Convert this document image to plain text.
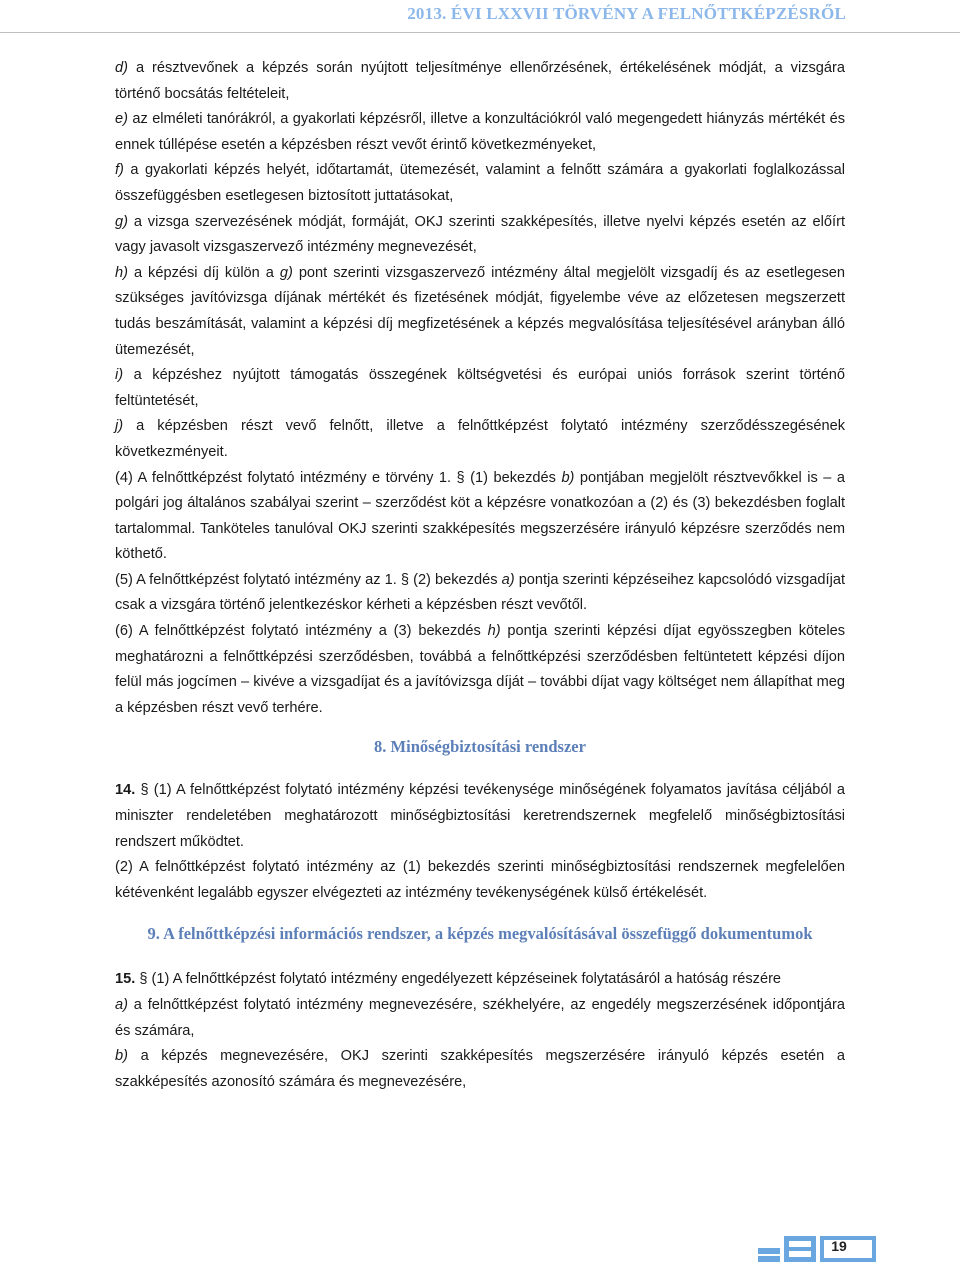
2013. ÉVI LXXVII TÖRVÉNY A FELNŐTTKÉPZÉSRŐL

d) a résztvevőnek a képzés során nyújtott teljesítménye ellenőrzésének, értékelésének módját, a vizsgára történő bocsátás feltételeit,

e) az elméleti tanórákról, a gyakorlati képzésről, illetve a konzultációkról való megengedett hiányzás mértékét és ennek túllépése esetén a képzésben részt vevőt érintő következményeket,

f) a gyakorlati képzés helyét, időtartamát, ütemezését, valamint a felnőtt számára a gyakorlati foglalkozással összefüggésben esetlegesen biztosított juttatásokat,

g) a vizsga szervezésének módját, formáját, OKJ szerinti szakképesítés, illetve nyelvi képzés esetén az előírt vagy javasolt vizsgaszervező intézmény megnevezését,

h) a képzési díj külön a g) pont szerinti vizsgaszervező intézmény által megjelölt vizsgadíj és az esetlegesen szükséges javítóvizsga díjának mértékét és fizetésének módját, figyelembe véve az előzetesen megszerzett tudás beszámítását, valamint a képzési díj megfizetésének a képzés megvalósítása teljesítésével arányban álló ütemezését,

i) a képzéshez nyújtott támogatás összegének költségvetési és európai uniós források szerint történő feltüntetését,

j) a képzésben részt vevő felnőtt, illetve a felnőttképzést folytató intézmény szerződésszegésének következményeit.

(4) A felnőttképzést folytató intézmény e törvény 1. § (1) bekezdés b) pontjában megjelölt résztvevőkkel is – a polgári jog általános szabályai szerint – szerződést köt a képzésre vonatkozóan a (2) és (3) bekezdésben foglalt tartalommal. Tanköteles tanulóval OKJ szerinti szakképesítés megszerzésére irányuló képzésre szerződés nem köthető.

(5) A felnőttképzést folytató intézmény az 1. § (2) bekezdés a) pontja szerinti képzéseihez kapcsolódó vizsgadíjat csak a vizsgára történő jelentkezéskor kérheti a képzésben részt vevőtől.

(6) A felnőttképzést folytató intézmény a (3) bekezdés h) pontja szerinti képzési díjat egyösszegben köteles meghatározni a felnőttképzési szerződésben, továbbá a felnőttképzési szerződésben feltüntetett képzési díjon felül más jogcímen – kivéve a vizsgadíjat és a javítóvizsga díját – további díjat vagy költséget nem állapíthat meg a képzésben részt vevő terhére.

8. Minőségbiztosítási rendszer

14. § (1) A felnőttképzést folytató intézmény képzési tevékenysége minőségének folyamatos javítása céljából a miniszter rendeletében meghatározott minőségbiztosítási keretrendszernek megfelelő minőségbiztosítási rendszert működtet.

(2) A felnőttképzést folytató intézmény az (1) bekezdés szerinti minőségbiztosítási rendszernek megfelelően kétévenként legalább egyszer elvégezteti az intézmény tevékenységének külső értékelését.

9. A felnőttképzési információs rendszer, a képzés megvalósításával összefüggő dokumentumok

15. § (1) A felnőttképzést folytató intézmény engedélyezett képzéseinek folytatásáról a hatóság részére

a) a felnőttképzést folytató intézmény megnevezésére, székhelyére, az engedély megszerzésének időpontjára és számára,

b) a képzés megnevezésére, OKJ szerinti szakképesítés megszerzésére irányuló képzés esetén a szakképesítés azonosító számára és megnevezésére,

19
